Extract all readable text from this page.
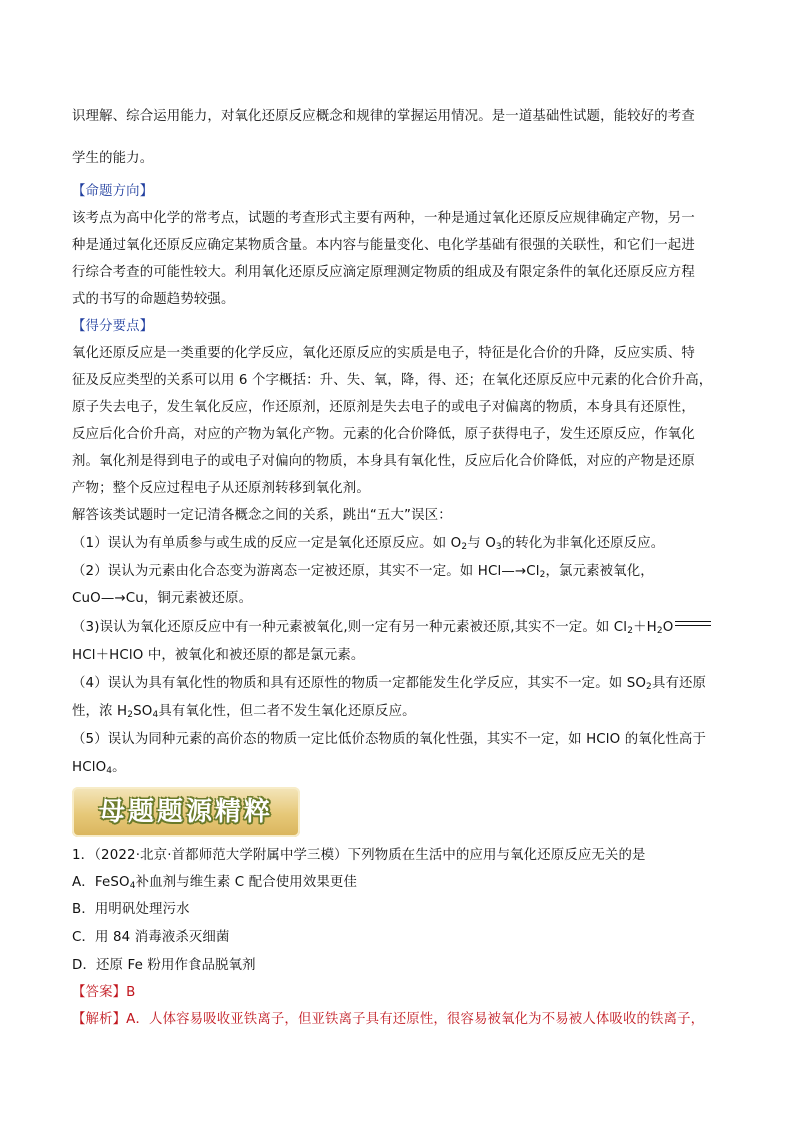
识理解、综合运用能力，对氧化还原反应概念和规律的掌握运用情况。是一道基础性试题，能较好的考查
学生的能力。
【命题方向】
该考点为高中化学的常考点，试题的考查形式主要有两种，一种是通过氧化还原反应规律确定产物，另一
种是通过氧化还原反应确定某物质含量。本内容与能量变化、电化学基础有很强的关联性，和它们一起进
行综合考查的可能性较大。利用氧化还原反应滴定原理测定物质的组成及有限定条件的氧化还原反应方程
式的书写的命题趋势较强。
【得分要点】
氧化还原反应是一类重要的化学反应，氧化还原反应的实质是电子，特征是化合价的升降，反应实质、特
征及反应类型的关系可以用 6 个字概括：升、失、氧，降，得、还；在氧化还原反应中元素的化合价升高，
原子失去电子，发生氧化反应，作还原剂，还原剂是失去电子的或电子对偏离的物质，本身具有还原性，
反应后化合价升高，对应的产物为氧化产物。元素的化合价降低，原子获得电子，发生还原反应，作氧化
剂。氧化剂是得到电子的或电子对偏向的物质，本身具有氧化性，反应后化合价降低，对应的产物是还原
产物；整个反应过程电子从还原剂转移到氧化剂。
解答该类试题时一定记清各概念之间的关系，跳出“五大”误区：
（1）误认为有单质参与或生成的反应一定是氧化还原反应。如 $O_2$与 $O_3$的转化为非氧化还原反应。
（2）误认为元素由化合态变为游离态一定被还原，其实不一定。如 $HCl—\to Cl_2$，氯元素被氧化，
CuO—→Cu，铜元素被还原。
（3)误认为氧化还原反应中有一种元素被氧化,则一定有另一种元素被还原,其实不一定。如 $Cl_2+H_2O$
HCl＋HClO 中，被氧化和被还原的都是氯元素。
（4）误认为具有氧化性的物质和具有还原性的物质一定都能发生化学反应，其实不一定。如 $SO_2$具有还原
性，浓 $H_2SO_4$具有氧化性，但二者不发生氧化还原反应。
（5）误认为同种元素的高价态的物质一定比低价态物质的氧化性强，其实不一定，如 HClO 的氧化性高于
HClO$_4$。
母题题源精粹
1．（2022·北京·首都师范大学附属中学三模）下列物质在生活中的应用与氧化还原反应无关的是
A．FeSO$_4$补血剂与维生素 C 配合使用效果更佳
B．用明矾处理污水
C．用 84 消毒液杀灭细菌
D．还原 Fe 粉用作食品脱氧剂
【答案】B
【解析】A．人体容易吸收亚铁离子，但亚铁离子具有还原性，很容易被氧化为不易被人体吸收的铁离子，
